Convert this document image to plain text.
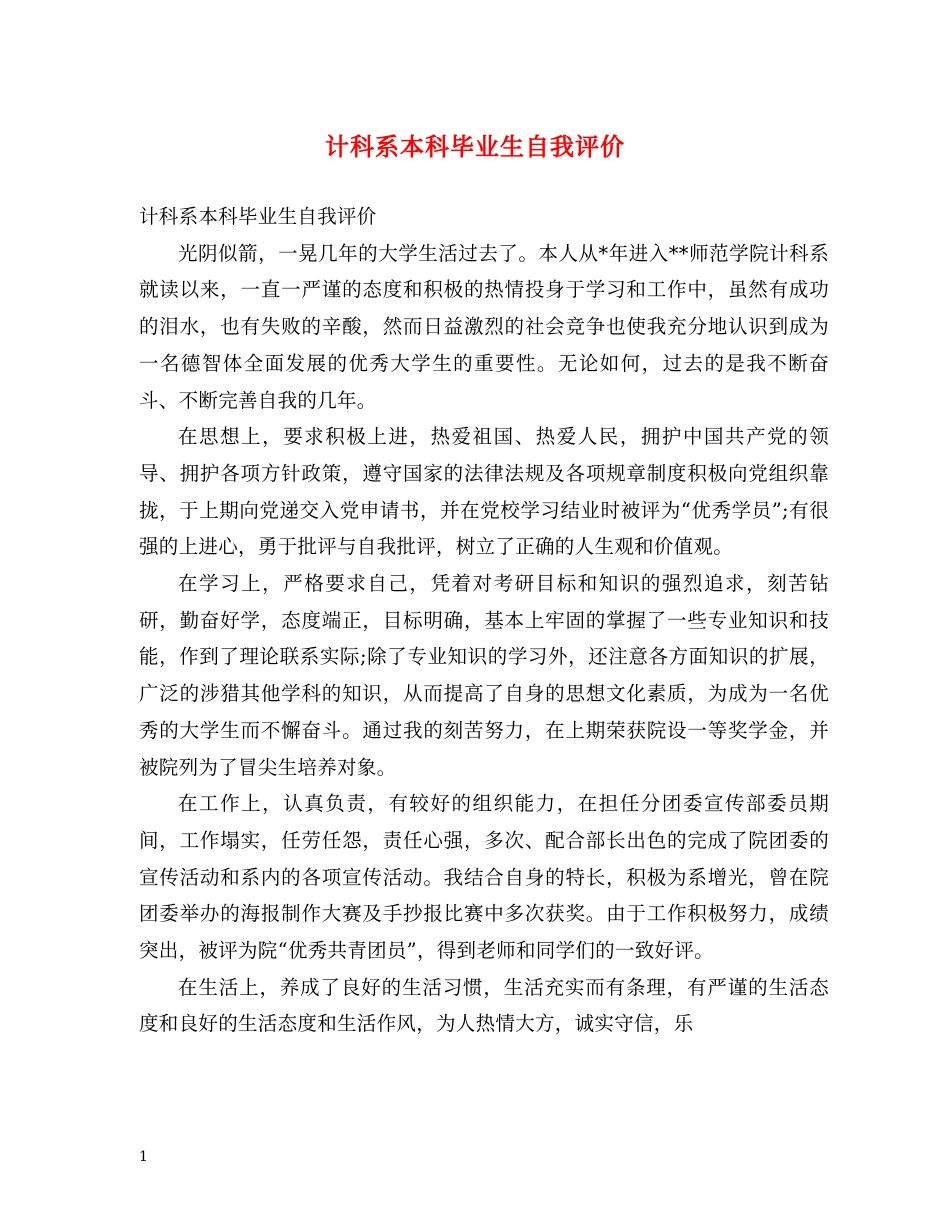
计科系本科毕业生自我评价

计科系本科毕业生自我评价

光阴似箭，一晃几年的大学生活过去了。本人从*年进入**师范学院计科系就读以来，一直一严谨的态度和积极的热情投身于学习和工作中，虽然有成功的泪水，也有失败的辛酸，然而日益激烈的社会竞争也使我充分地认识到成为一名德智体全面发展的优秀大学生的重要性。无论如何，过去的是我不断奋斗、不断完善自我的几年。

在思想上，要求积极上进，热爱祖国、热爱人民，拥护中国共产党的领导、拥护各项方针政策，遵守国家的法律法规及各项规章制度积极向党组织靠拢，于上期向党递交入党申请书，并在党校学习结业时被评为“优秀学员”;有很强的上进心，勇于批评与自我批评，树立了正确的人生观和价值观。

在学习上，严格要求自己，凭着对考研目标和知识的强烈追求，刻苦钻研，勤奋好学，态度端正，目标明确，基本上牢固的掌握了一些专业知识和技能，作到了理论联系实际;除了专业知识的学习外，还注意各方面知识的扩展，广泛的涉猎其他学科的知识，从而提高了自身的思想文化素质，为成为一名优秀的大学生而不懈奋斗。通过我的刻苦努力，在上期荣获院设一等奖学金，并被院列为了冒尖生培养对象。

在工作上，认真负责，有较好的组织能力，在担任分团委宣传部委员期间，工作塌实，任劳任怨，责任心强，多次、配合部长出色的完成了院团委的宣传活动和系内的各项宣传活动。我结合自身的特长，积极为系增光，曾在院团委举办的海报制作大赛及手抄报比赛中多次获奖。由于工作积极努力，成绩突出，被评为院“优秀共青团员”，得到老师和同学们的一致好评。

在生活上，养成了良好的生活习惯，生活充实而有条理，有严谨的生活态度和良好的生活态度和生活作风，为人热情大方，诚实守信，乐

1
